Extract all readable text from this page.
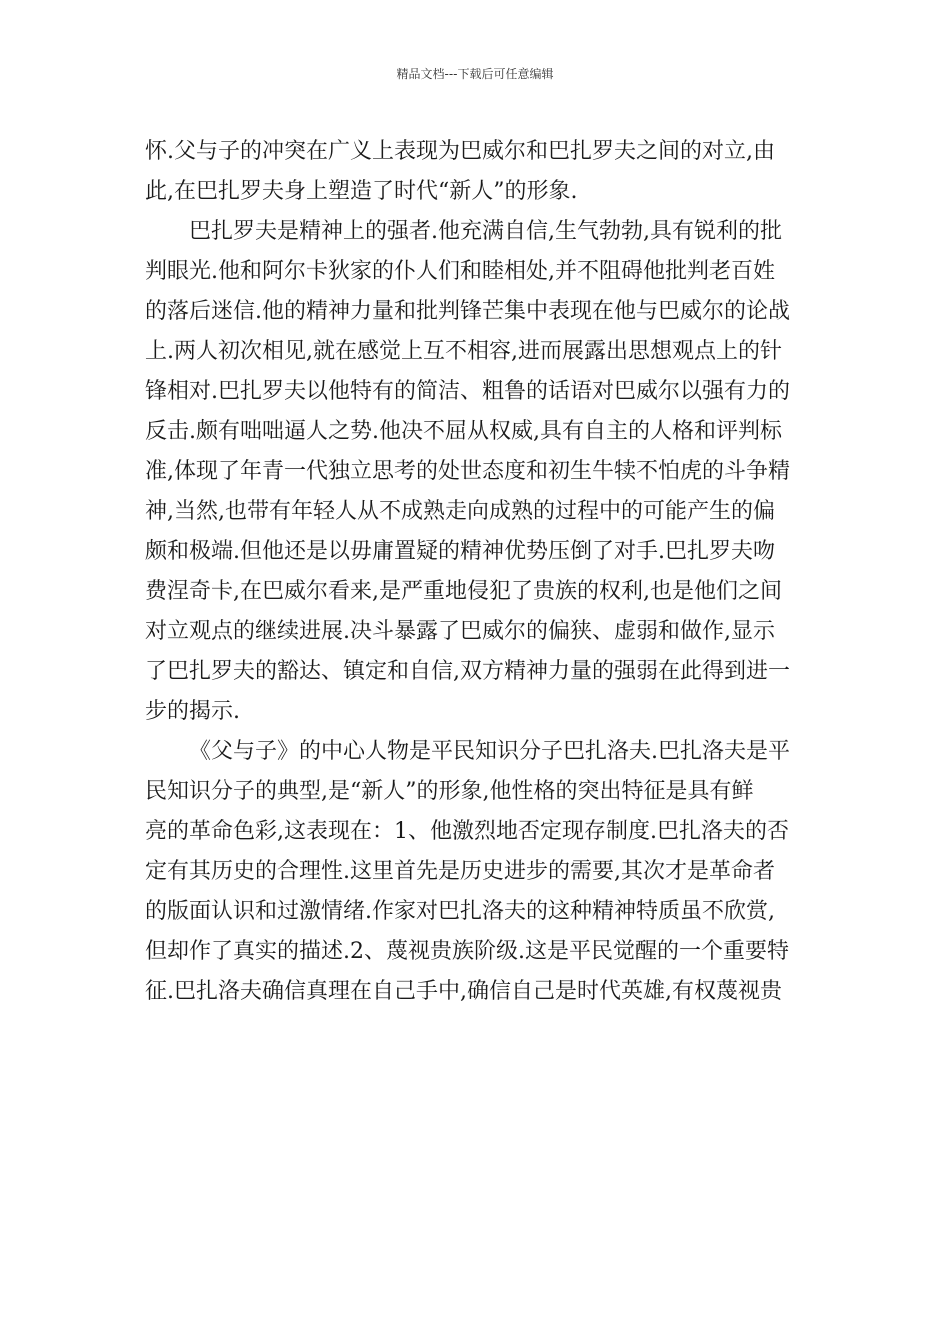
精品文档---下载后可任意编辑
怀.父与子的冲突在广义上表现为巴威尔和巴扎罗夫之间的对立,由
此,在巴扎罗夫身上塑造了时代“新人”的形象.
巴扎罗夫是精神上的强者.他充满自信,生气勃勃,具有锐利的批
判眼光.他和阿尔卡狄家的仆人们和睦相处,并不阻碍他批判老百姓
的落后迷信.他的精神力量和批判锋芒集中表现在他与巴威尔的论战
上.两人初次相见,就在感觉上互不相容,进而展露出思想观点上的针
锋相对.巴扎罗夫以他特有的简洁、粗鲁的话语对巴威尔以强有力的
反击.颇有咄咄逼人之势.他决不屈从权威,具有自主的人格和评判标
准,体现了年青一代独立思考的处世态度和初生牛犊不怕虎的斗争精
神,当然,也带有年轻人从不成熟走向成熟的过程中的可能产生的偏
颇和极端.但他还是以毋庸置疑的精神优势压倒了对手.巴扎罗夫吻
费涅奇卡,在巴威尔看来,是严重地侵犯了贵族的权利,也是他们之间
对立观点的继续进展.决斗暴露了巴威尔的偏狭、虚弱和做作,显示
了巴扎罗夫的豁达、镇定和自信,双方精神力量的强弱在此得到进一
步的揭示.
《父与子》的中心人物是平民知识分子巴扎洛夫.巴扎洛夫是平
民知识分子的典型,是“新人”的形象,他性格的突出特征是具有鲜
亮的革命色彩,这表现在：1、他激烈地否定现存制度.巴扎洛夫的否
定有其历史的合理性.这里首先是历史进步的需要,其次才是革命者
的版面认识和过激情绪.作家对巴扎洛夫的这种精神特质虽不欣赏,
但却作了真实的描述.2、蔑视贵族阶级.这是平民觉醒的一个重要特
征.巴扎洛夫确信真理在自己手中,确信自己是时代英雄,有权蔑视贵
